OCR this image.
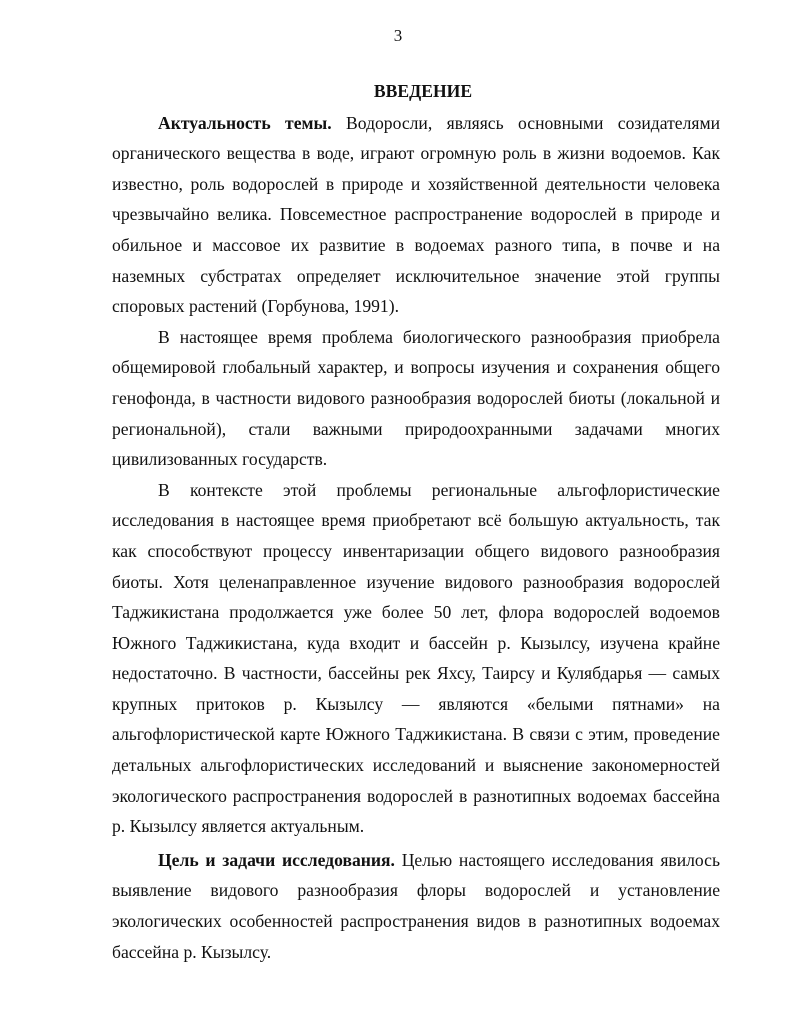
3
ВВЕДЕНИЕ

Актуальность темы. Водоросли, являясь основными созидателями органического вещества в воде, играют огромную роль в жизни водоемов. Как известно, роль водорослей в природе и хозяйственной деятельности человека чрезвычайно велика. Повсеместное распространение водорослей в природе и обильное и массовое их развитие в водоемах разного типа, в почве и на наземных субстратах определяет исключительное значение этой группы споровых растений (Горбунова, 1991).

В настоящее время проблема биологического разнообразия приобрела общемировой глобальный характер, и вопросы изучения и сохранения общего генофонда, в частности видового разнообразия водорослей биоты (локальной и региональной), стали важными природоохранными задачами многих цивилизованных государств.

В контексте этой проблемы региональные альгофлористические исследования в настоящее время приобретают всё большую актуальность, так как способствуют процессу инвентаризации общего видового разнообразия биоты. Хотя целенаправленное изучение видового разнообразия водорослей Таджикистана продолжается уже более 50 лет, флора водорослей водоемов Южного Таджикистана, куда входит и бассейн р. Кызылсу, изучена крайне недостаточно. В частности, бассейны рек Яхсу, Таирсу и Кулябдарья — самых крупных притоков р. Кызылсу — являются «белыми пятнами» на альгофлористической карте Южного Таджикистана. В связи с этим, проведение детальных альгофлористических исследований и выяснение закономерностей экологического распространения водорослей в разнотипных водоемах бассейна р. Кызылсу является актуальным.

Цель и задачи исследования. Целью настоящего исследования явилось выявление видового разнообразия флоры водорослей и установление экологических особенностей распространения видов в разнотипных водоемах бассейна р. Кызылсу.
